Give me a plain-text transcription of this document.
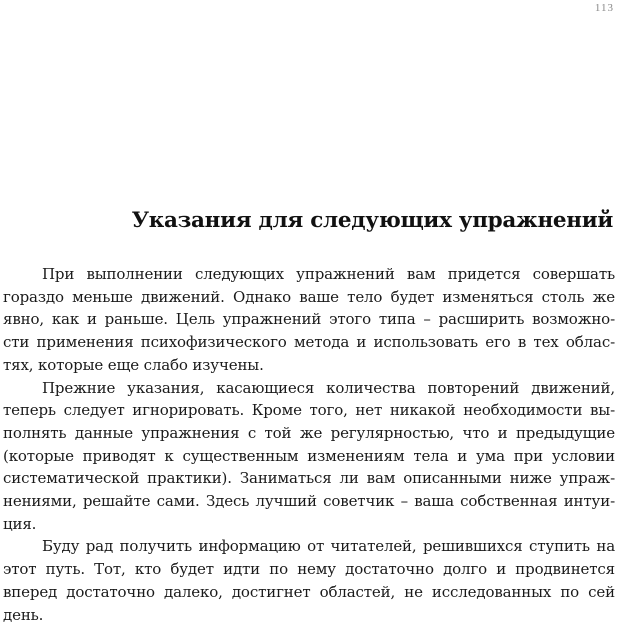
113
Указания для следующих упражнений

При выполнении следующих упражнений вам придется совершать
гораздо меньше движений. Однако ваше тело будет изменяться столь же
явно, как и раньше. Цель упражнений этого типа – расширить возможно-
сти применения психофизического метода и использовать его в тех облас-
тях, которые еще слабо изучены.

Прежние указания, касающиеся количества повторений движений,
теперь следует игнорировать. Кроме того, нет никакой необходимости вы-
полнять данные упражнения с той же регулярностью, что и предыдущие
(которые приводят к существенным изменениям тела и ума при условии
систематической практики). Заниматься ли вам описанными ниже упраж-
нениями, решайте сами. Здесь лучший советчик – ваша собственная интуи-
ция.

Буду рад получить информацию от читателей, решившихся ступить на
этот путь. Тот, кто будет идти по нему достаточно долго и продвинется
вперед достаточно далеко, достигнет областей, не исследованных по сей
день.
